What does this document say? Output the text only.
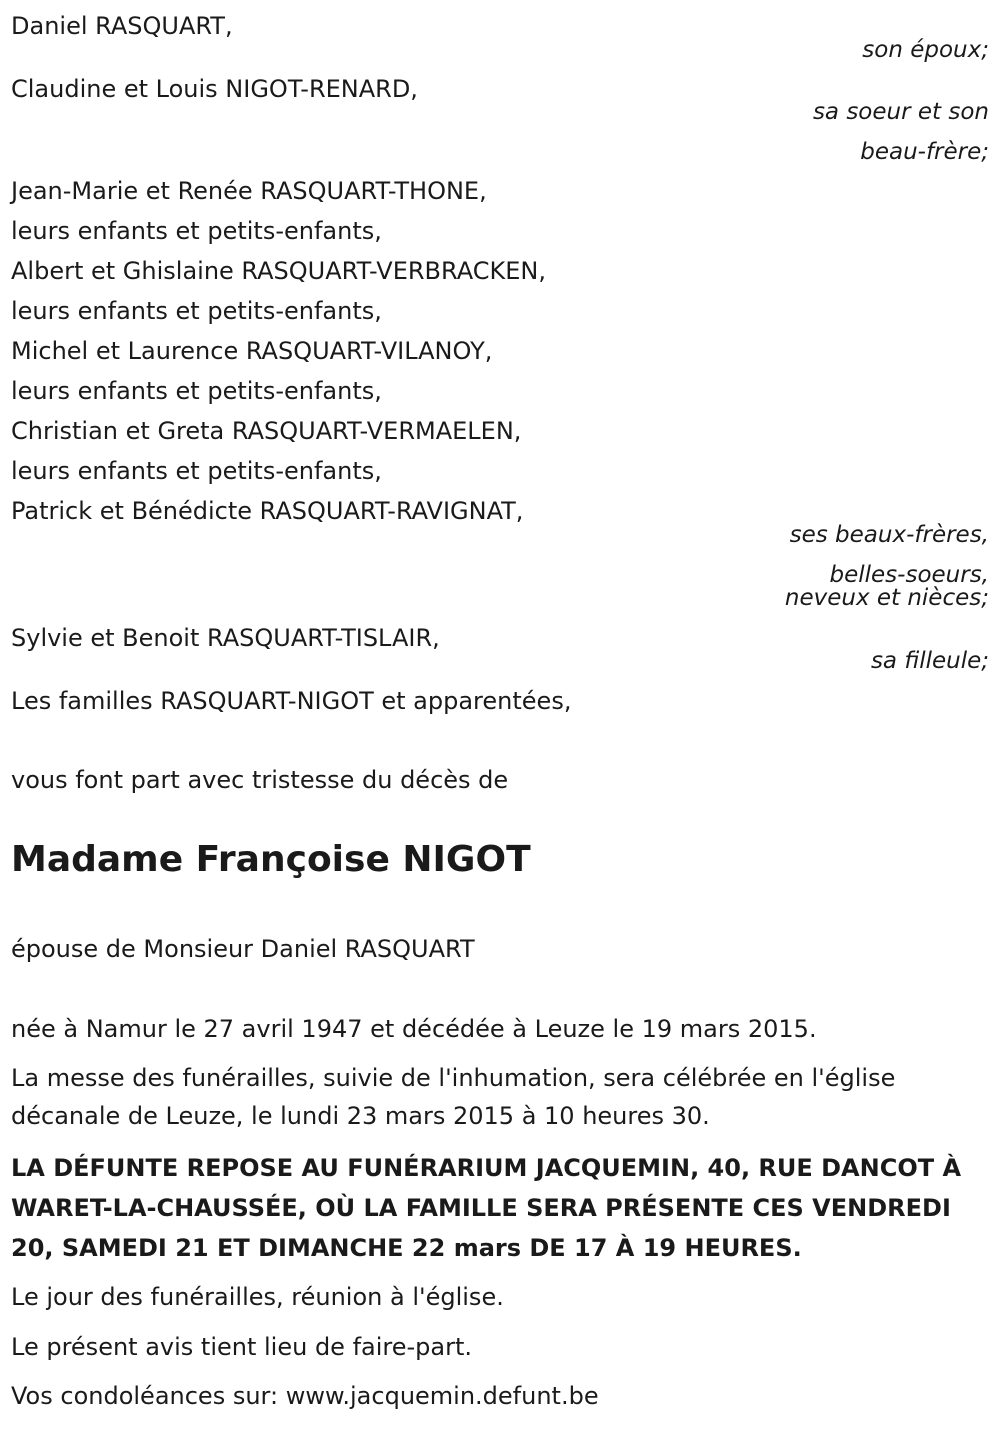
Daniel RASQUART,

son époux;

Claudine et Louis NIGOT-RENARD,

sa soeur et son

beau-frère;

Jean-Marie et Renée RASQUART-THONE,

leurs enfants et petits-enfants,

Albert et Ghislaine RASQUART-VERBRACKEN,

leurs enfants et petits-enfants,

Michel et Laurence RASQUART-VILANOY,

leurs enfants et petits-enfants,

Christian et Greta RASQUART-VERMAELEN,

leurs enfants et petits-enfants,

Patrick et Bénédicte RASQUART-RAVIGNAT,

ses beaux-frères,

belles-soeurs,

neveux et nièces;

Sylvie et Benoit RASQUART-TISLAIR,

sa filleule;

Les familles RASQUART-NIGOT et apparentées,

vous font part avec tristesse du décès de

Madame Françoise NIGOT

épouse de Monsieur Daniel RASQUART

née à Namur le 27 avril 1947 et décédée à Leuze le 19 mars 2015.

La messe des funérailles, suivie de l'inhumation, sera célébrée en l'église

décanale de Leuze, le lundi 23 mars 2015 à 10 heures 30.

LA DÉFUNTE REPOSE AU FUNÉRARIUM JACQUEMIN, 40, RUE DANCOT À

WARET-LA-CHAUSSÉE, OÙ LA FAMILLE SERA PRÉSENTE CES VENDREDI

20, SAMEDI 21 ET DIMANCHE 22 mars DE 17 À 19 HEURES.

Le jour des funérailles, réunion à l'église.

Le présent avis tient lieu de faire-part.

Vos condoléances sur: www.jacquemin.defunt.be
